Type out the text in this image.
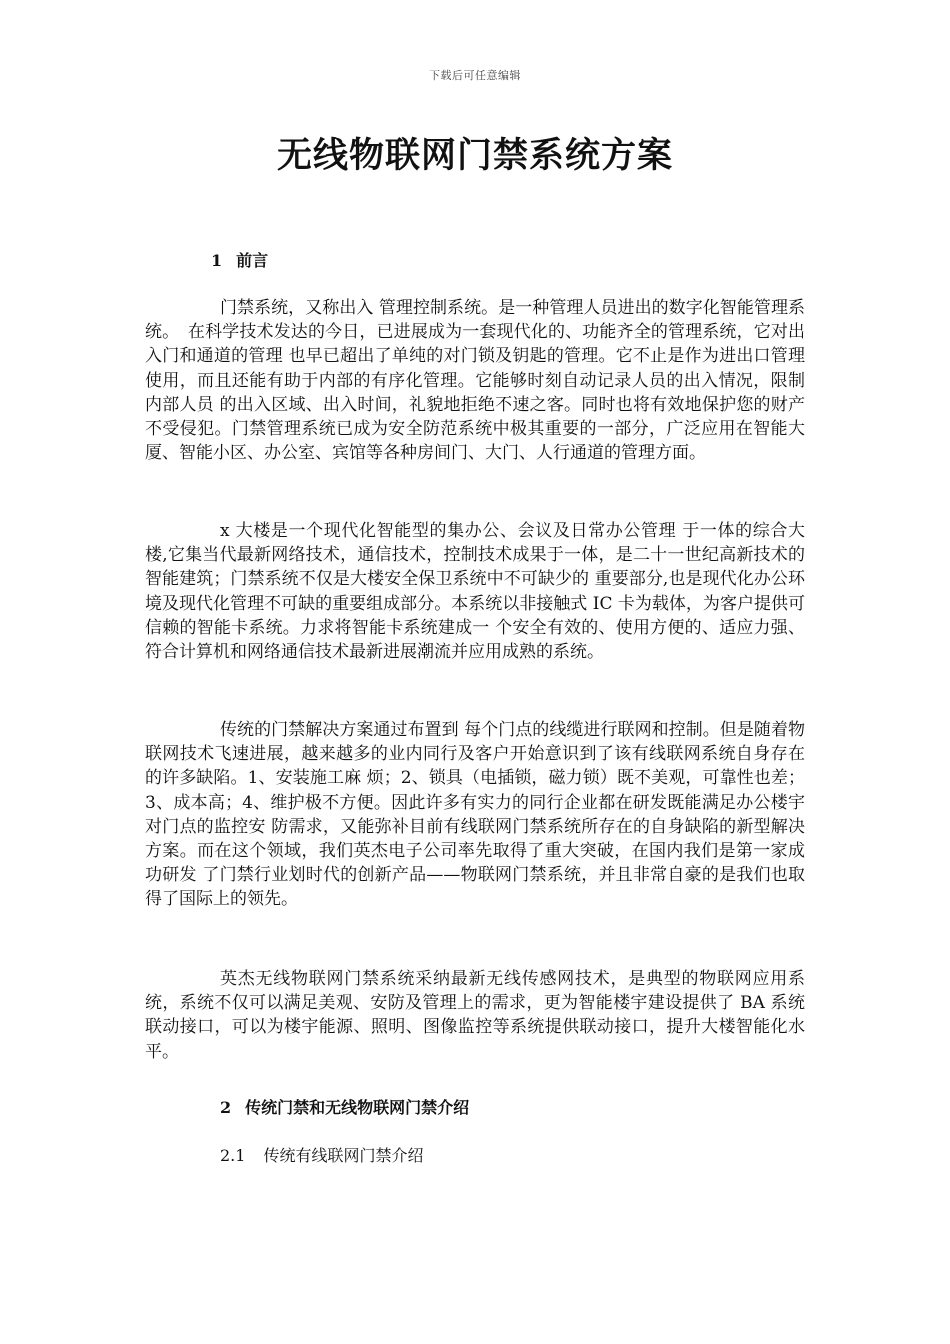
下载后可任意编辑
无线物联网门禁系统方案
1 前言

门禁系统，又称出入 管理控制系统。是一种管理人员进出的数字化智能管理系统。　在科学技术发达的今日，已进展成为一套现代化的、功能齐全的管理系统，它对出入门和通道的管理 也早已超出了单纯的对门锁及钥匙的管理。它不止是作为进出口管理使用，而且还能有助于内部的有序化管理。它能够时刻自动记录人员的出入情况，限制内部人员 的出入区域、出入时间，礼貌地拒绝不速之客。同时也将有效地保护您的财产不受侵犯。门禁管理系统已成为安全防范系统中极其重要的一部分，广泛应用在智能大 厦、智能小区、办公室、宾馆等各种房间门、大门、人行通道的管理方面。

x 大楼是一个现代化智能型的集办公、会议及日常办公管理 于一体的综合大楼,它集当代最新网络技术，通信技术，控制技术成果于一体，是二十一世纪高新技术的智能建筑；门禁系统不仅是大楼安全保卫系统中不可缺少的 重要部分,也是现代化办公环境及现代化管理不可缺的重要组成部分。本系统以非接触式 IC 卡为载体，为客户提供可信赖的智能卡系统。力求将智能卡系统建成一 个安全有效的、使用方便的、适应力强、符合计算机和网络通信技术最新进展潮流并应用成熟的系统。

传统的门禁解决方案通过布置到 每个门点的线缆进行联网和控制。但是随着物联网技术飞速进展，越来越多的业内同行及客户开始意识到了该有线联网系统自身存在的许多缺陷。1、安装施工麻 烦；2、锁具（电插锁，磁力锁）既不美观，可靠性也差；3、成本高；4、维护极不方便。因此许多有实力的同行企业都在研发既能满足办公楼宇对门点的监控安 防需求，又能弥补目前有线联网门禁系统所存在的自身缺陷的新型解决方案。而在这个领域，我们英杰电子公司率先取得了重大突破，在国内我们是第一家成功研发 了门禁行业划时代的创新产品——物联网门禁系统，并且非常自豪的是我们也取得了国际上的领先。

英杰无线物联网门禁系统采纳最新无线传感网技术，是典型的物联网应用系统，系统不仅可以满足美观、安防及管理上的需求，更为智能楼宇建设提供了 BA 系统联动接口，可以为楼宇能源、照明、图像监控等系统提供联动接口，提升大楼智能化水平。

2 传统门禁和无线物联网门禁介绍
2.1 传统有线联网门禁介绍
